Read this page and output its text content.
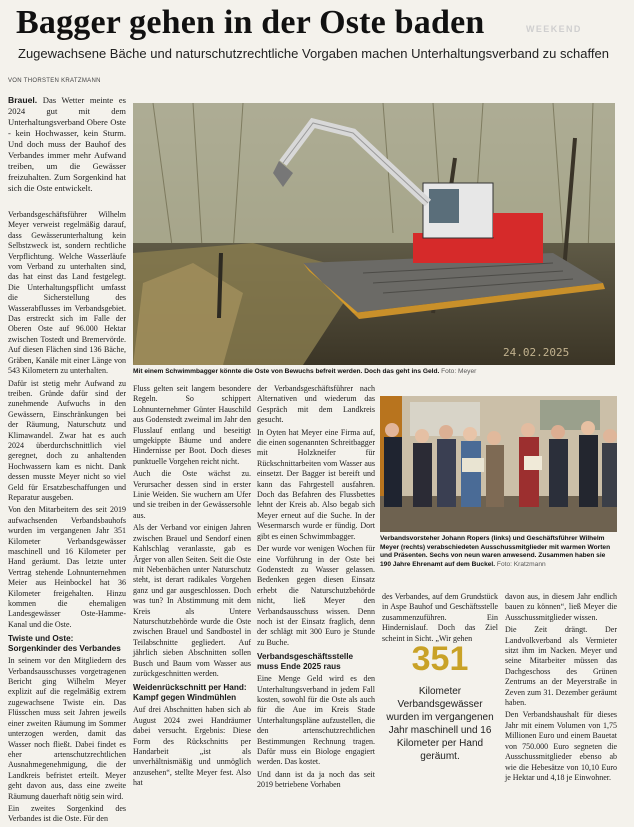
Bagger gehen in der Oste baden	WEEKEND
Zugewachsene Bäche und naturschutzrechtliche Vorgaben machen Unterhaltungsverband zu schaffen
VON THORSTEN KRATZMANN

Brauel. Das Wetter meinte es 2024 gut mit dem Unterhaltungsverband Obere Oste - kein Hochwasser, kein Sturm. Und doch muss der Bauhof des Verbandes immer mehr Aufwand treiben, um die Gewässer freizuhalten. Zum Sorgenkind hat sich die Oste entwickelt.

Verbandsgeschäftsführer Wilhelm Meyer verweist regelmäßig darauf, dass Gewässerunterhaltung kein Selbstzweck ist, sondern rechtliche Verpflichtung. Welche Wasserläufe vom Verband zu unterhalten sind, das hat einst das Land festgelegt. Die Unterhaltungspflicht umfasst die Sicherstellung des Wasserabflusses im Verbandsgebiet. Das erstreckt sich im Falle der Oberen Oste auf 96.000 Hektar zwischen Tostedt und Bremervörde. Auf diesen Flächen sind 136 Bäche, Gräben, Kanäle mit einer Länge von 543 Kilometern zu unterhalten.

Dafür ist stetig mehr Aufwand zu treiben. Gründe dafür sind der zunehmende Aufwuchs in den Gewässern, Einschränkungen bei der Räumung, Naturschutz und Klimawandel. Zwar hat es auch 2024 überdurchschnittlich viel geregnet, doch zu anhaltenden Hochwassern kam es nicht. Dank dessen musste Meyer nicht so viel Geld für Ersatzbeschaffungen und Reparatur ausgeben.

Von den Mitarbeitern des seit 2019 aufwachsenden Verbandsbauhofs wurden im vergangenen Jahr 351 Kilometer Verbandsgewässer maschinell und 16 Kilometer per Hand geräumt. Das letzte unter Vertrag stehende Lohnunternehmen Meier aus Heinbockel hat 36 Kilometer freigehalten. Hinzu kommen die ehemaligen Landesgewässer Oste-Hamme-Kanal und die Oste.

Twiste und Oste: Sorgenkinder des Verbandes

In seinem vor den Mitgliedern des Verbandsausschusses vorgetragenen Bericht ging Wilhelm Meyer explizit auf die regelmäßig extrem zugewachsene Twiste ein. Das Flüsschen muss seit Jahren jeweils einer zweiten Räumung im Sommer unterzogen werden, damit das Wasser noch fließt. Dabei findet es eher artenschutzrechtlichen Ausnahmegenehmigung, die der Landkreis befristet erteilt. Meyer geht davon aus, dass eine zweite Räumung dauerhaft nötig sein wird.

Ein zweites Sorgenkind des Verbandes ist die Oste. Für den

24.02.2025
Mit einem Schwimmbagger könnte die Oste von Bewuchs befreit werden. Doch das geht ins Geld. Foto: Meyer

Fluss gelten seit langem besondere Regeln. So schippert Lohnunternehmer Günter Hauschild aus Godenstedt zweimal im Jahr den Flusslauf entlang und beseitigt umgekippte Bäume und andere Hindernisse per Boot. Doch dieses punktuelle Vorgehen reicht nicht.

Auch die Oste wächst zu. Verursacher dessen sind in erster Linie Weiden. Sie wuchern am Ufer und sie treiben in der Gewässersohle aus.

Als der Verband vor einigen Jahren zwischen Brauel und Sendorf einen Kahlschlag veranlasste, gab es Ärger von allen Seiten. Seit die Oste mit Nebenbächen unter Naturschutz steht, ist derart radikales Vorgehen ganz und gar ausgeschlossen. Doch was tun? In Abstimmung mit dem Kreis als Untere Naturschutzbehörde wurde die Oste zwischen Brauel und Sandbostel in Teilabschnitte gegliedert. Auf jährlich sieben Abschnitten sollen Busch und Baum vom Wasser aus zurückgeschnitten werden.

Weidenrückschnitt per Hand: Kampf gegen Windmühlen

Auf drei Abschnitten haben sich ab August 2024 zwei Handräumer dabei versucht. Ergebnis: Diese Form des Rückschnitts per Handarbeit „ist als unverhältnismäßig und unmöglich anzusehen“, stellte Meyer fest. Also hat

der Verbandsgeschäftsführer nach Alternativen und wiederum das Gespräch mit dem Landkreis gesucht.

In Oyten hat Meyer eine Firma auf, die einen sogenannten Schreitbagger mit Holzkneifer für Rückschnittarbeiten vom Wasser aus einsetzt. Der Bagger ist bereift und kann das Fahrgestell ausfahren. Doch das Befahren des Flussbettes lehnt der Kreis ab. Also begab sich Meyer erneut auf die Suche. In der Wesermarsch wurde er fündig. Dort gibt es einen Schwimmbagger.

Der wurde vor wenigen Wochen für eine Vorführung in der Oste bei Godenstedt zu Wasser gelassen. Bedenken gegen diesen Einsatz erhebt die Naturschutzbehörde nicht, ließ Meyer den Verbandsausschuss wissen. Denn noch ist der Einsatz fraglich, denn der schlägt mit 300 Euro je Stunde zu Buche.

Verbandsgeschäftsstelle muss Ende 2025 raus

Eine Menge Geld wird es den Unterhaltungsverband in jedem Fall kosten, sowohl für die Oste als auch für die Aue im Kreis Stade Unterhaltungspläne aufzustellen, die den artenschutzrechtlichen Bestimmungen Rechnung tragen. Dafür muss ein Biologe engagiert werden. Das kostet.

Und dann ist da ja noch das seit 2019 betriebene Vorhaben

Verbandsvorsteher Johann Ropers (links) und Geschäftsführer Wilhelm Meyer (rechts) verabschiedeten Ausschussmitglieder mit warmen Worten und Präsenten. Sechs von neun waren anwesend. Zusammen haben sie 190 Jahre Ehrenamt auf dem Buckel. Foto: Kratzmann

des Verbandes, auf dem Grundstück in Aspe Bauhof und Geschäftsstelle zusammenzuführen. Ein Hindernislauf. Doch das Ziel scheint in Sicht. „Wir gehen

351
Kilometer Verbandsgewässer wurden im vergangenen Jahr maschinell und 16 Kilometer per Hand geräumt.

davon aus, in diesem Jahr endlich bauen zu können“, ließ Meyer die Ausschussmitglieder wissen.

Die Zeit drängt. Der Landvolkverband als Vermieter sitzt ihm im Nacken. Meyer und seine Mitarbeiter müssen das Dachgeschoss des Grünen Zentrums an der Meyerstraße in Zeven zum 31. Dezember geräumt haben.

Den Verbandshaushalt für dieses Jahr mit einem Volumen von 1,75 Millionen Euro und einem Bauetat von 750.000 Euro segneten die Ausschussmitglieder ebenso ab wie die Hebesätze von 10,10 Euro je Hektar und 4,18 je Einwohner.
